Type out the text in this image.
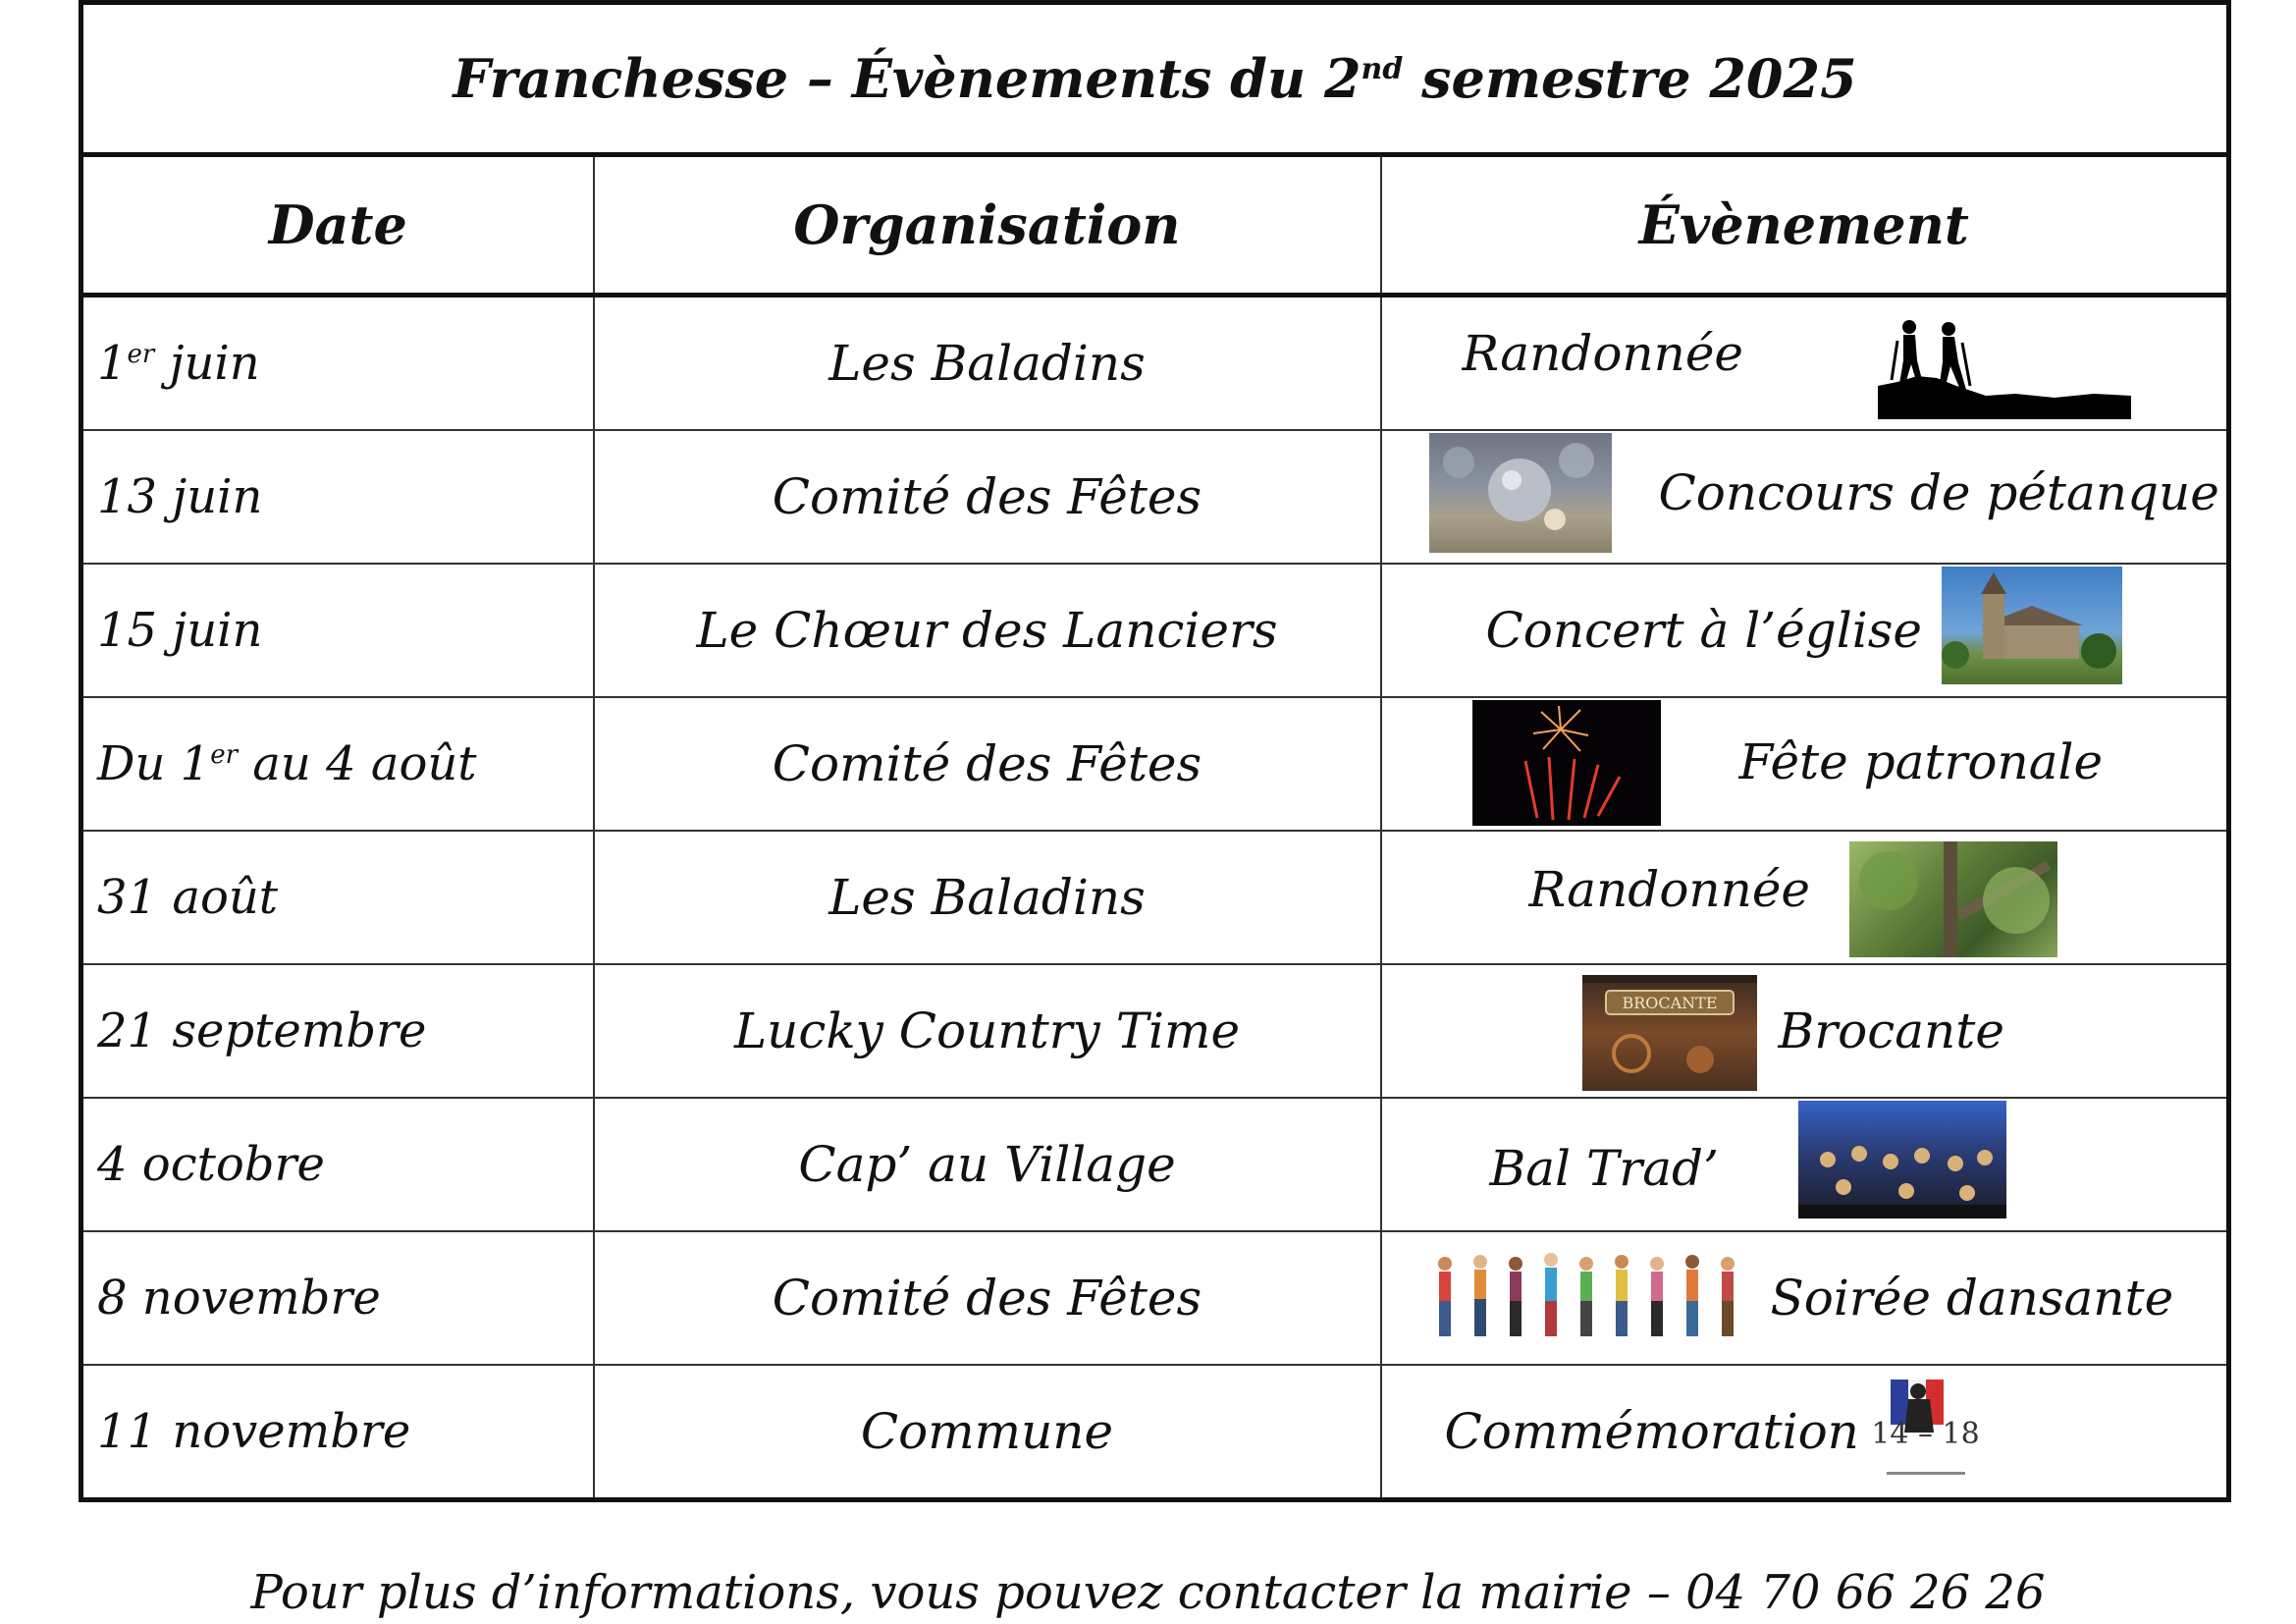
Franchesse – Évènements du 2nd semestre 2025		
Date	Organisation	Évènement
1er juin	Les Baladins	Randonnée

13 juin	Comité des Fêtes	Concours de pétanque

15 juin	Le Chœur des Lanciers	Concert à l’église

Du 1er au 4 août	Comité des Fêtes	Fête patronale

31 août	Les Baladins	Randonnée

21 septembre	Lucky Country Time	BROCANTE Brocante

4 octobre	Cap’ au Village	Bal Trad’

8 novembre	Comité des Fêtes	Soirée dansante

11 novembre	Commune	Commémoration 14 – 18
Pour plus d’informations, vous pouvez contacter la mairie – 04 70 66 26 26
